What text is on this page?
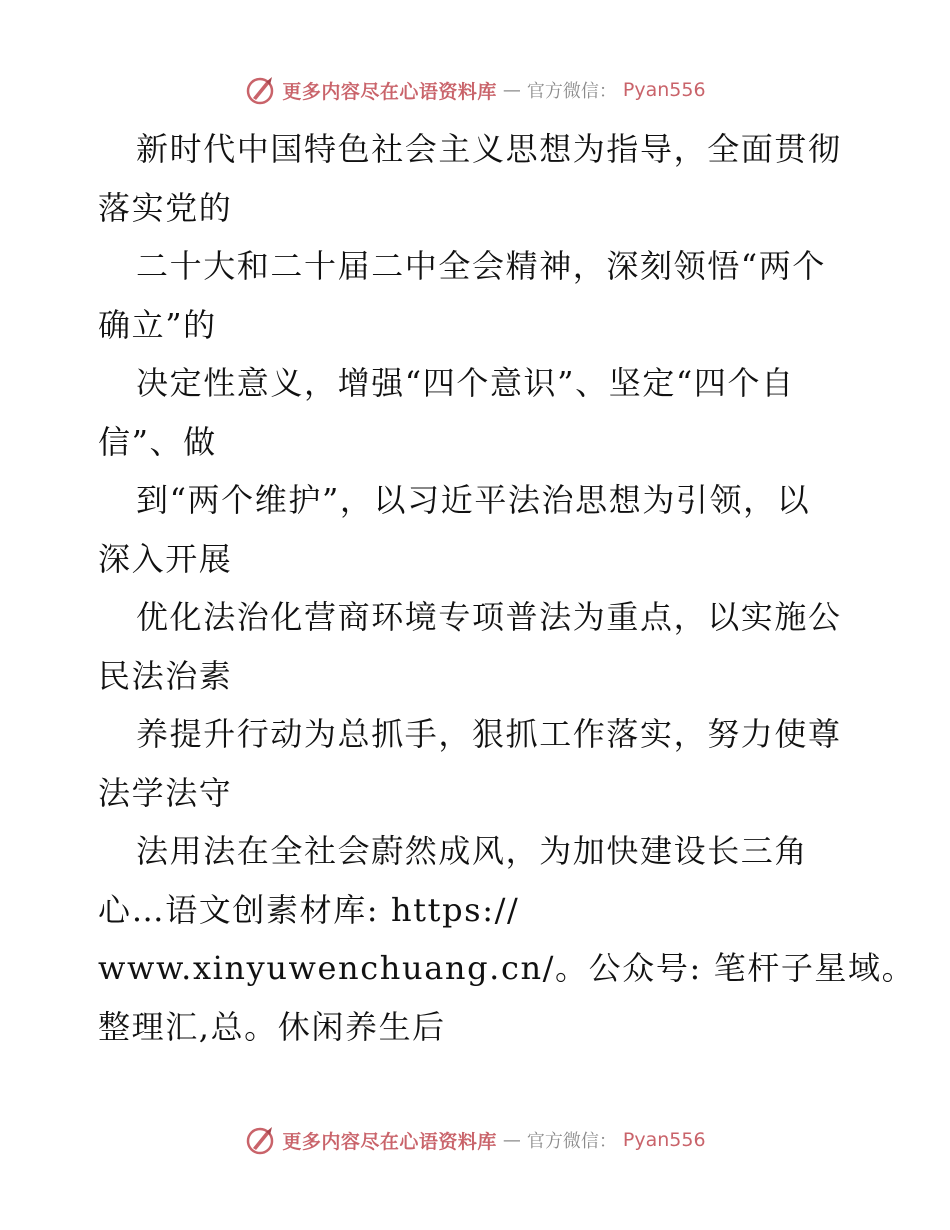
更多内容尽在心语资料库 — 官方微信： Pyan556
新时代中国特色社会主义思想为指导，全面贯彻
落实党的
二十大和二十届二中全会精神，深刻领悟“两个
确立”的
决定性意义，增强“四个意识”、坚定“四个自
信”、做
到“两个维护”，以习近平法治思想为引领，以
深入开展
优化法治化营商环境专项普法为重点，以实施公
民法治素
养提升行动为总抓手，狠抓工作落实，努力使尊
法学法守
法用法在全社会蔚然成风，为加快建设长三角
心…语文创素材库: https://
www.xinyuwenchuang.cn/。公众号: 笔杆子星域。
整理汇,总。休闲养生后
更多内容尽在心语资料库 — 官方微信： Pyan556
